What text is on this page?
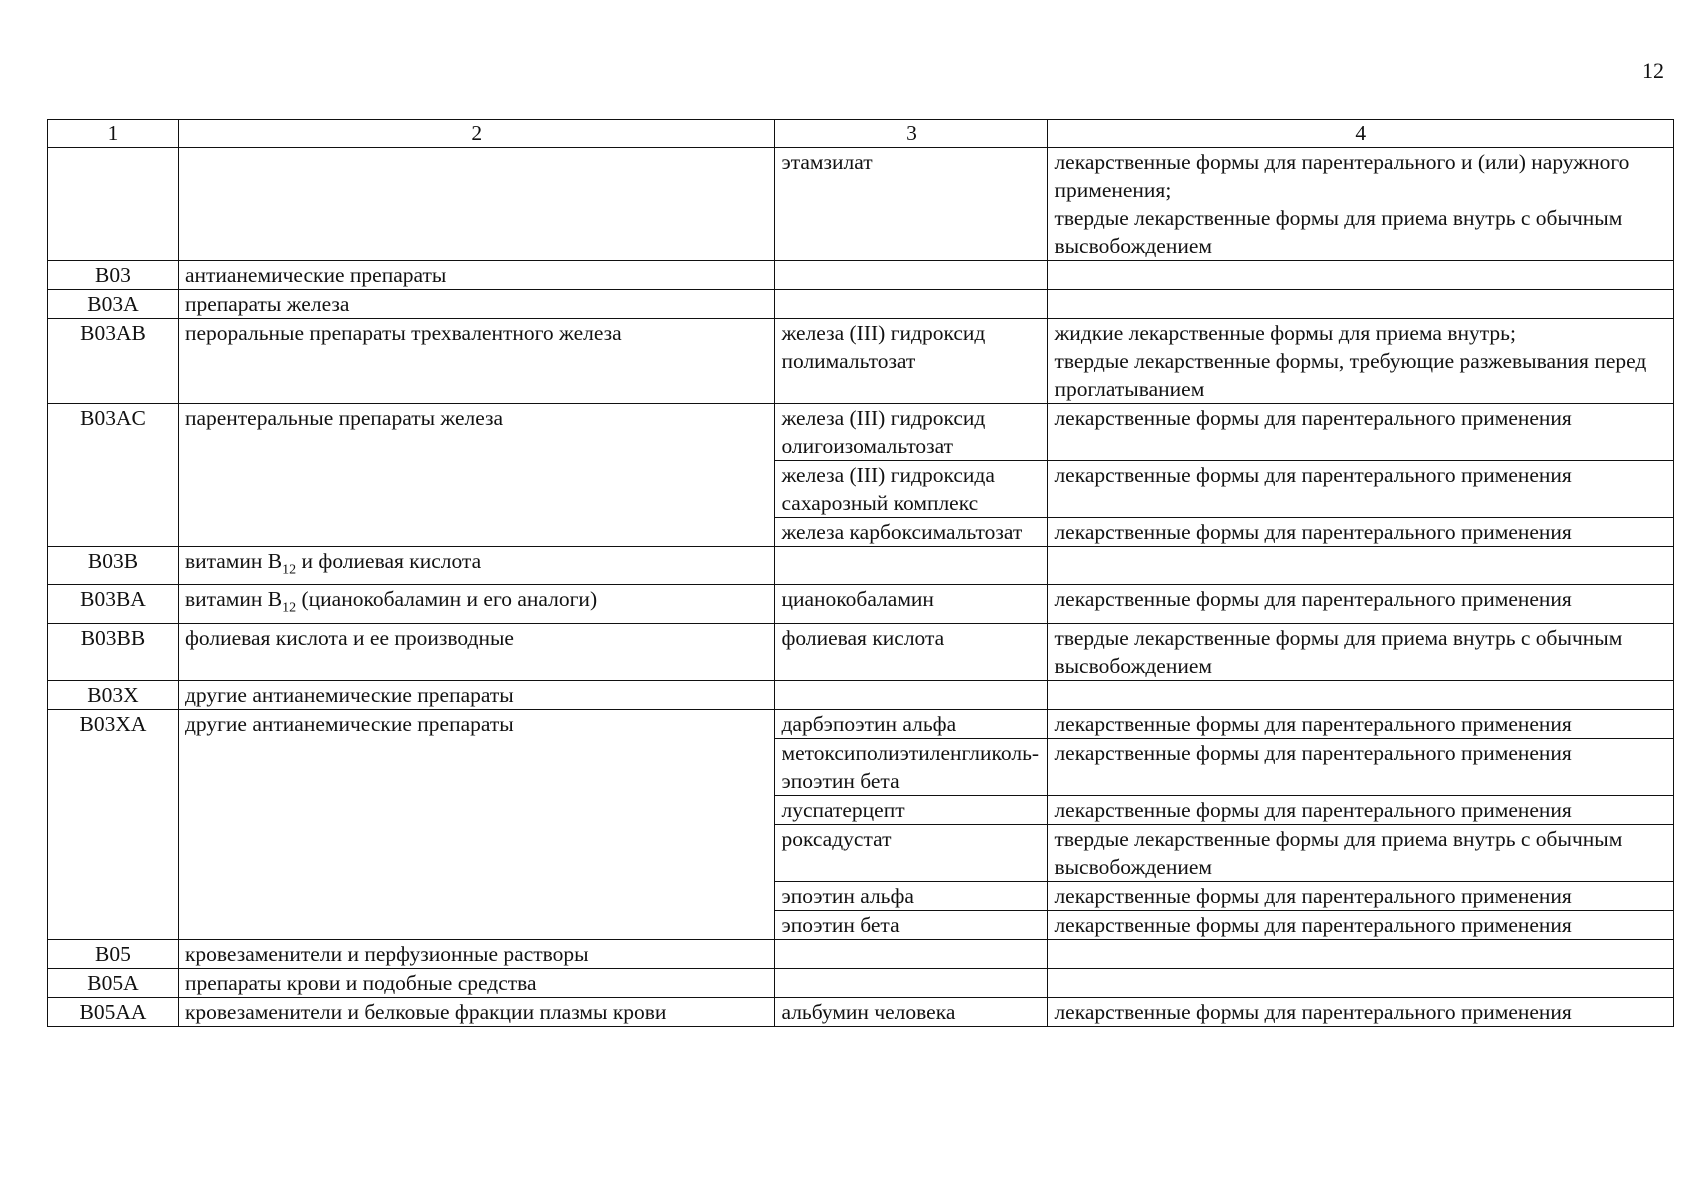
12
1	2	3	4
		этамзилат	лекарственные формы для парентерального и (или) наружного применения;
твердые лекарственные формы для приема внутрь с обычным высвобождением
B03	антианемические препараты		
B03A	препараты железа		
B03AB	пероральные препараты трехвалентного железа	железа (III) гидроксид полимальтозат	жидкие лекарственные формы для приема внутрь;
твердые лекарственные формы, требующие разжевывания перед проглатыванием
B03AC	парентеральные препараты железа	железа (III) гидроксид олигоизомальтозат	лекарственные формы для парентерального применения
		железа (III) гидроксида сахарозный комплекс	лекарственные формы для парентерального применения
		железа карбоксимальтозат	лекарственные формы для парентерального применения
B03B	витамин $B_{12}$ и фолиевая кислота		
B03BA	витамин $B_{12}$ (цианокобаламин и его аналоги)	цианокобаламин	лекарственные формы для парентерального применения
B03BB	фолиевая кислота и ее производные	фолиевая кислота	твердые лекарственные формы для приема внутрь с обычным высвобождением
B03X	другие антианемические препараты		
B03XA	другие антианемические препараты	дарбэпоэтин альфа	лекарственные формы для парентерального применения
		метоксиполиэтиленгликоль-эпоэтин бета	лекарственные формы для парентерального применения
		луспатерцепт	лекарственные формы для парентерального применения
		роксадустат	твердые лекарственные формы для приема внутрь с обычным высвобождением
		эпоэтин альфа	лекарственные формы для парентерального применения
		эпоэтин бета	лекарственные формы для парентерального применения
B05	кровезаменители и перфузионные растворы		
B05A	препараты крови и подобные средства		
B05AA	кровезаменители и белковые фракции плазмы крови	альбумин человека	лекарственные формы для парентерального применения
